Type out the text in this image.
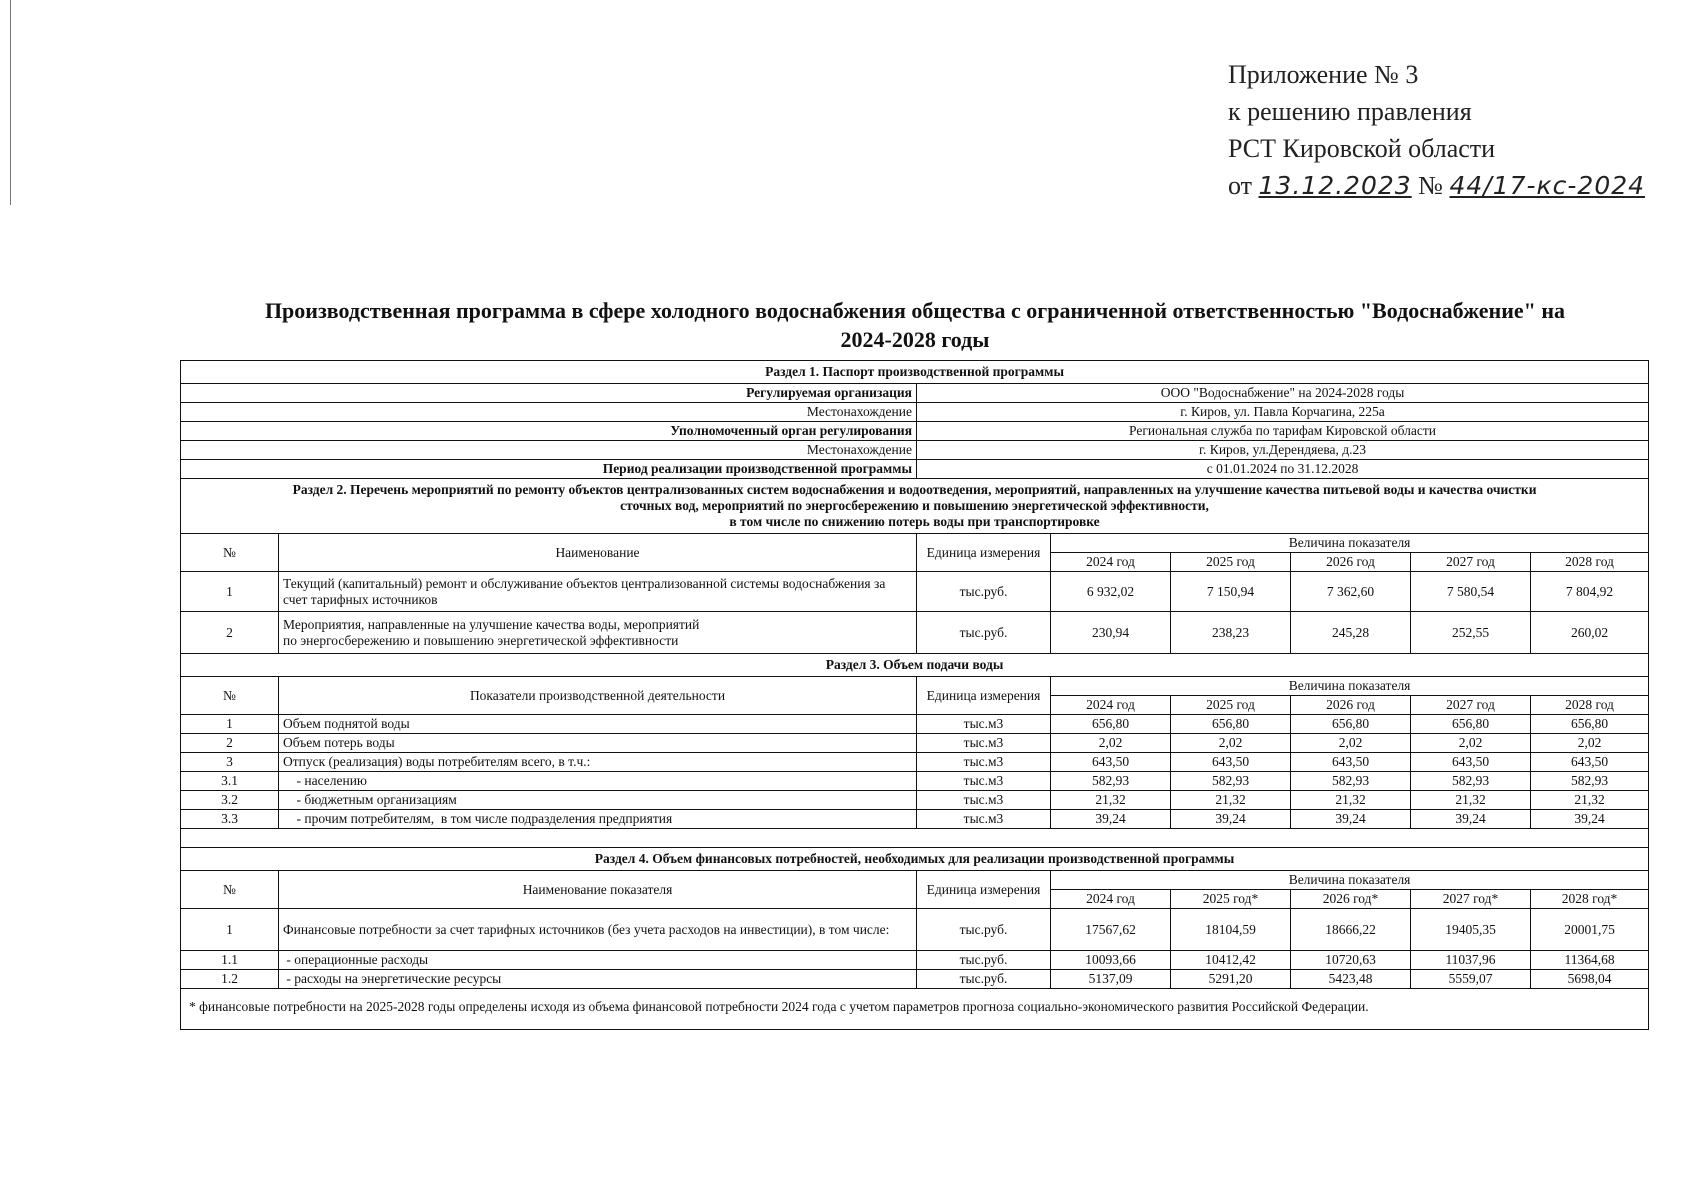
Приложение № 3
к решению правления
РСТ Кировской области
от 13.12.2023 № 44/17-кс-2024
Производственная программа в сфере холодного водоснабжения общества с ограниченной ответственностью "Водоснабжение" на
2024-2028 годы
Раздел 1. Паспорт производственной программы							
Регулируемая организация		ООО "Водоснабжение" на 2024-2028 годы					
Местонахождение		г. Киров, ул. Павла Корчагина, 225а					
Уполномоченный орган регулирования		Региональная служба по тарифам Кировской области					
Местонахождение		г. Киров, ул.Дерендяева, д.23					
Период реализации производственной программы		с 01.01.2024 по 31.12.2028					

Раздел 2. Перечень мероприятий по ремонту объектов централизованных систем водоснабжения и водоотведения, мероприятий, направленных на улучшение качества питьевой воды и качества очистки
сточных вод, мероприятий по энергосбережению и повышению энергетической эффективности,
в том числе по снижению потерь воды при транспортировке							

№	Наименование	Единица измерения	Величина показателя				
			2024 год	2025 год	2026 год	2027 год	2028 год
1	Текущий (капитальный) ремонт и обслуживание объектов централизованной системы водоснабжения за счет тарифных источников	тыс.руб.	6 932,02	7 150,94	7 362,60	7 580,54	7 804,92
2	Мероприятия, направленные на улучшение качества воды, мероприятий
по энергосбережению и повышению энергетической эффективности	тыс.руб.	230,94	238,23	245,28	252,55	260,02
Раздел 3. Объем подачи воды							
№	Показатели производственной деятельности	Единица измерения	Величина показателя				
			2024 год	2025 год	2026 год	2027 год	2028 год
1	Объем поднятой воды	тыс.м3	656,80	656,80	656,80	656,80	656,80
2	Объем потерь воды	тыс.м3	2,02	2,02	2,02	2,02	2,02
3	Отпуск (реализация) воды потребителям всего, в т.ч.:	тыс.м3	643,50	643,50	643,50	643,50	643,50
3.1	- населению	тыс.м3	582,93	582,93	582,93	582,93	582,93
3.2	- бюджетным организациям	тыс.м3	21,32	21,32	21,32	21,32	21,32
3.3	- прочим потребителям,  в том числе подразделения предприятия	тыс.м3	39,24	39,24	39,24	39,24	39,24

Раздел 4. Объем финансовых потребностей, необходимых для реализации производственной программы							
№	Наименование показателя	Единица измерения	Величина показателя				
			2024 год	2025 год*	2026 год*	2027 год*	2028 год*
1	Финансовые потребности за счет тарифных источников (без учета расходов на инвестиции), в том числе:	тыс.руб.	17567,62	18104,59	18666,22	19405,35	20001,75
1.1	- операционные расходы	тыс.руб.	10093,66	10412,42	10720,63	11037,96	11364,68
1.2	- расходы на энергетические ресурсы	тыс.руб.	5137,09	5291,20	5423,48	5559,07	5698,04
* финансовые потребности на 2025-2028 годы определены исходя из объема финансовой потребности 2024 года с учетом параметров прогноза социально-экономического развития Российской Федерации.							
